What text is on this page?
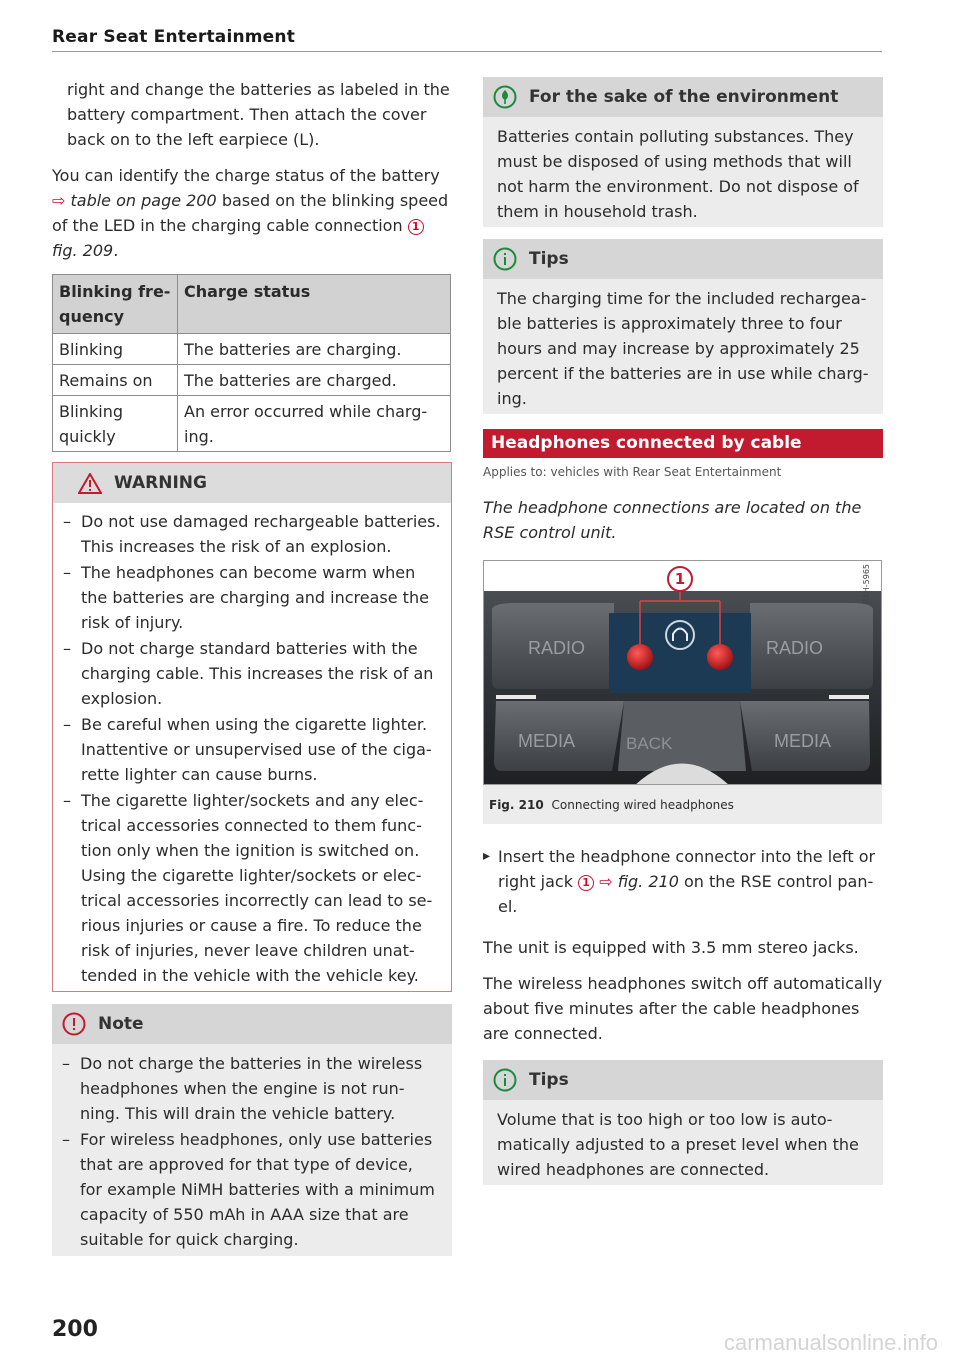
Rear Seat Entertainment

right and change the batteries as labeled in the battery compartment. Then attach the cover back on to the left earpiece (L).

You can identify the charge status of the battery ⇨ table on page 200 based on the blinking speed of the LED in the charging cable connection 1 fig. 209.

Blinking frequency	Charge status
Blinking	The batteries are charging.
Remains on	The batteries are charged.
Blinking quickly	An error occurred while charging.
WARNING
– Do not use damaged rechargeable batteries. This increases the risk of an explosion.
– The headphones can become warm when the batteries are charging and increase the risk of injury.
– Do not charge standard batteries with the charging cable. This increases the risk of an explosion.
– Be careful when using the cigarette lighter. Inattentive or unsupervised use of the cigarette lighter can cause burns.
– The cigarette lighter/sockets and any electrical accessories connected to them function only when the ignition is switched on. Using the cigarette lighter/sockets or electrical accessories incorrectly can lead to serious injuries or cause a fire. To reduce the risk of injuries, never leave children unattended in the vehicle with the vehicle key.
Note
– Do not charge the batteries in the wireless headphones when the engine is not running. This will drain the vehicle battery.
– For wireless headphones, only use batteries that are approved for that type of device, for example NiMH batteries with a minimum capacity of 550 mAh in AAA size that are suitable for quick charging.
For the sake of the environment
Batteries contain polluting substances. They must be disposed of using methods that will not harm the environment. Do not dispose of them in household trash.
Tips
The charging time for the included rechargeable batteries is approximately three to four hours and may increase by approximately 25 percent if the batteries are in use while charging.
Headphones connected by cable
Applies to: vehicles with Rear Seat Entertainment

The headphone connections are located on the RSE control unit.

1	RAH-5965
RADIO	RADIO
MEDIA	BACK	MEDIA
Fig. 210 Connecting wired headphones

▸ Insert the headphone connector into the left or right jack 1 ⇨ fig. 210 on the RSE control panel.

The unit is equipped with 3.5 mm stereo jacks.

The wireless headphones switch off automatically about five minutes after the cable headphones are connected.

Tips
Volume that is too high or too low is automatically adjusted to a preset level when the wired headphones are connected.
200
carmanualsonline.info
